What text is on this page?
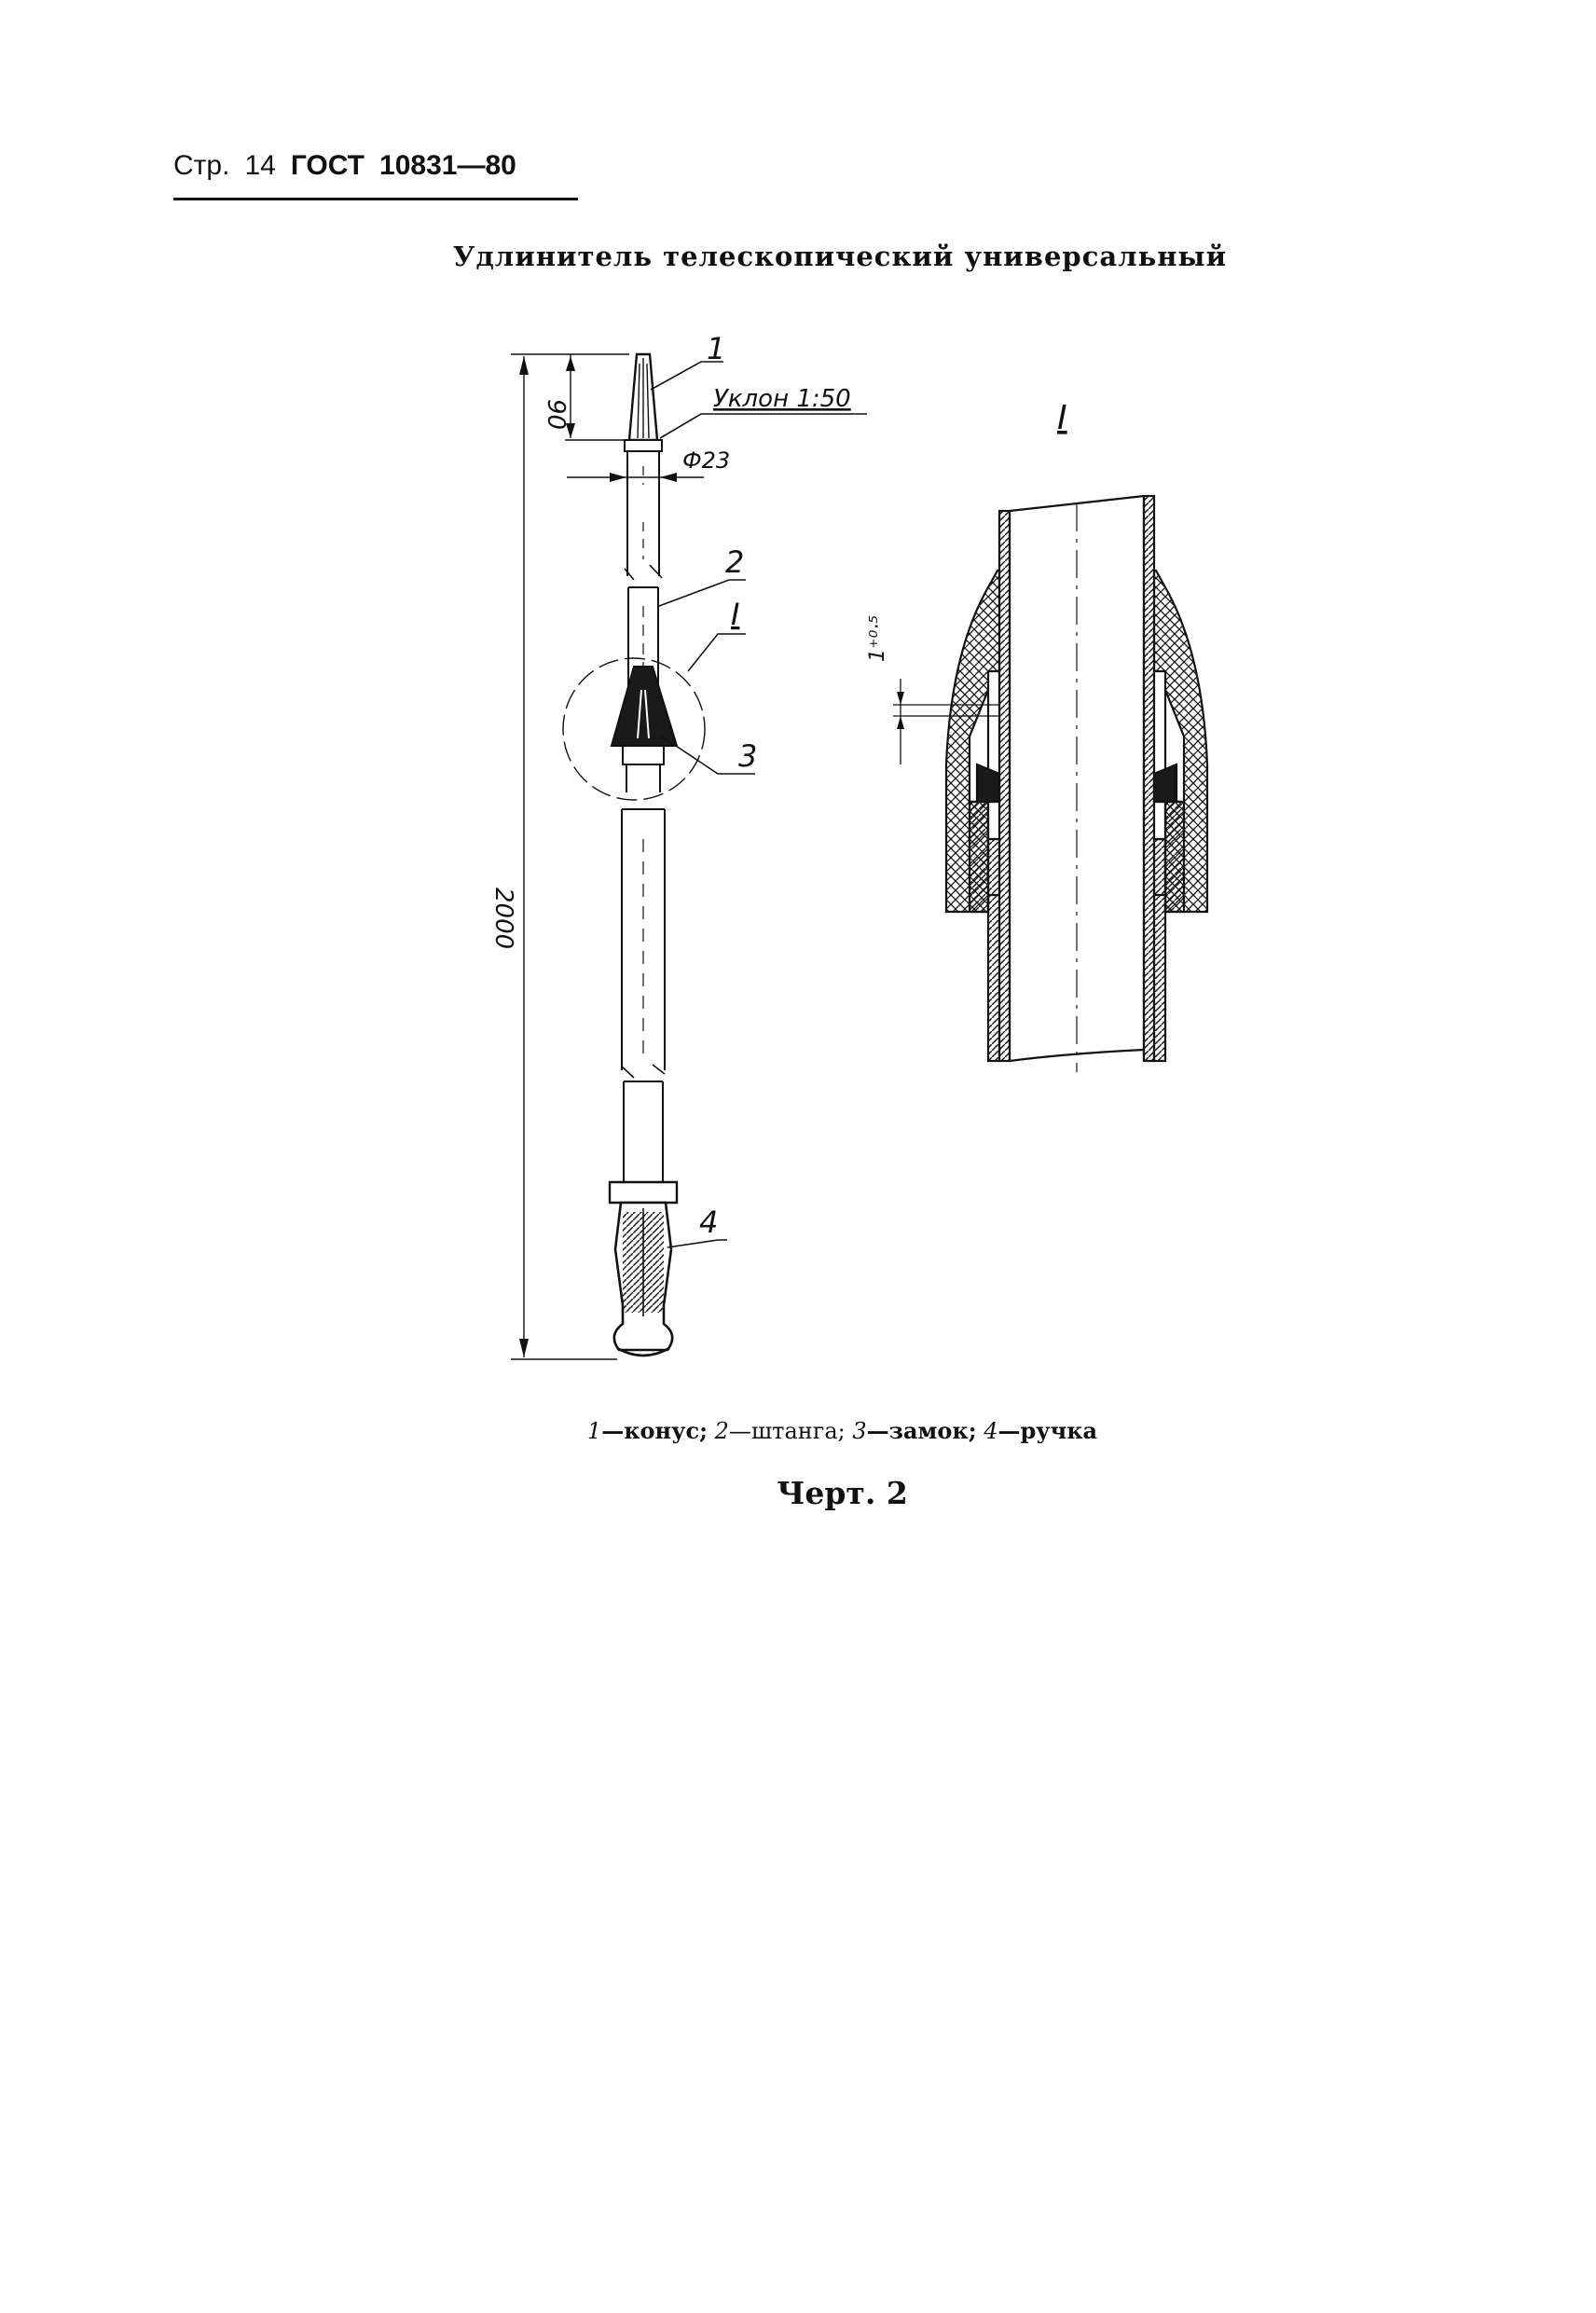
Стр. 14 ГОСТ 10831—80
Удлинитель телескопический универсальный
1
Уклон 1:50
Ф23
2
I
3
4
90
2000
I
1⁺⁰·⁵
1—конус; 2—штанга; 3—замок; 4—ручка
Черт. 2
